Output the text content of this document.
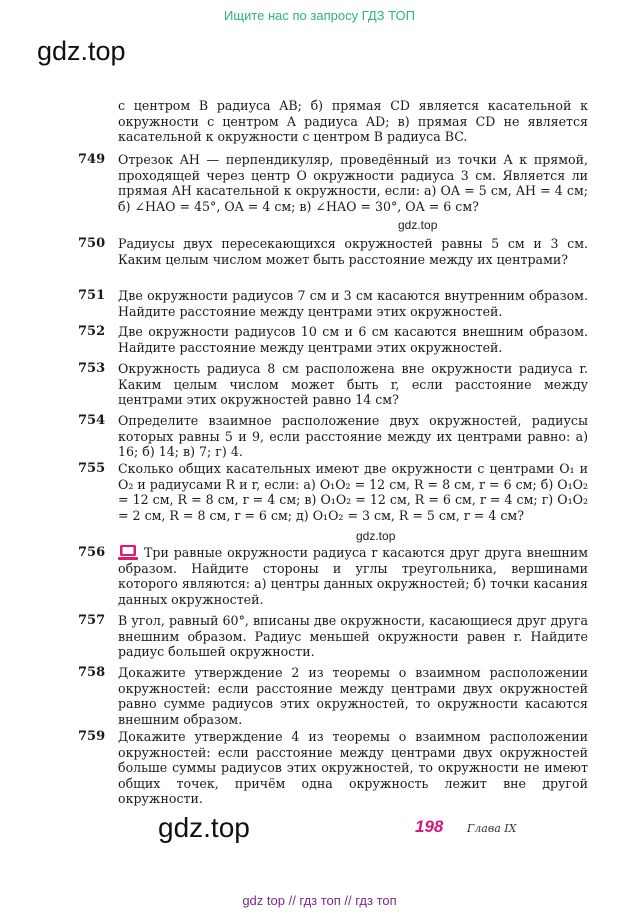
Ищите нас по запросу ГДЗ ТОП
gdz.top
gdz.top
gdz.top

с центром B радиуса AB; б) прямая CD является касательной к окружности с центром A радиуса AD; в) прямая CD не является касательной к окружности с центром B радиуса BC.

749 Отрезок AH — перпендикуляр, проведённый из точки A к прямой, проходящей через центр O окружности радиуса 3 см. Является ли прямая AH касательной к окружности, если: а) OA = 5 см, AH = 4 см; б) ∠HAO = 45°, OA = 4 см; в) ∠HAO = 30°, OA = 6 см?

750 Радиусы двух пересекающихся окружностей равны 5 см и 3 см. Каким целым числом может быть расстояние между их центрами?

751 Две окружности радиусов 7 см и 3 см касаются внутренним образом. Найдите расстояние между центрами этих окружностей.

752 Две окружности радиусов 10 см и 6 см касаются внешним образом. Найдите расстояние между центрами этих окружностей.

753 Окружность радиуса 8 см расположена вне окружности радиуса r. Каким целым числом может быть r, если расстояние между центрами этих окружностей равно 14 см?

754 Определите взаимное расположение двух окружностей, радиусы которых равны 5 и 9, если расстояние между их центрами равно: а) 16; б) 14; в) 7; г) 4.

755 Сколько общих касательных имеют две окружности с центрами O₁ и O₂ и радиусами R и r, если: а) O₁O₂ = 12 см, R = 8 см, r = 6 см; б) O₁O₂ = 12 см, R = 8 см, r = 4 см; в) O₁O₂ = 12 см, R = 6 см, r = 4 см; г) O₁O₂ = 2 см, R = 8 см, r = 6 см; д) O₁O₂ = 3 см, R = 5 см, r = 4 см?

756	Три равные окружности радиуса r касаются друг друга внешним образом. Найдите стороны и углы треугольника, вершинами которого являются: а) центры данных окружностей; б) точки касания данных окружностей.

757 В угол, равный 60°, вписаны две окружности, касающиеся друг друга внешним образом. Радиус меньшей окружности равен r. Найдите радиус большей окружности.

758 Докажите утверждение 2 из теоремы о взаимном расположении окружностей: если расстояние между центрами двух окружностей равно сумме радиусов этих окружностей, то окружности касаются внешним образом.

759 Докажите утверждение 4 из теоремы о взаимном расположении окружностей: если расстояние между центрами двух окружностей больше суммы радиусов этих окружностей, то окружности не имеют общих точек, причём одна окружность лежит вне другой окружности.

gdz.top	198 Глава IX
gdz top // гдз топ // гдз топ
